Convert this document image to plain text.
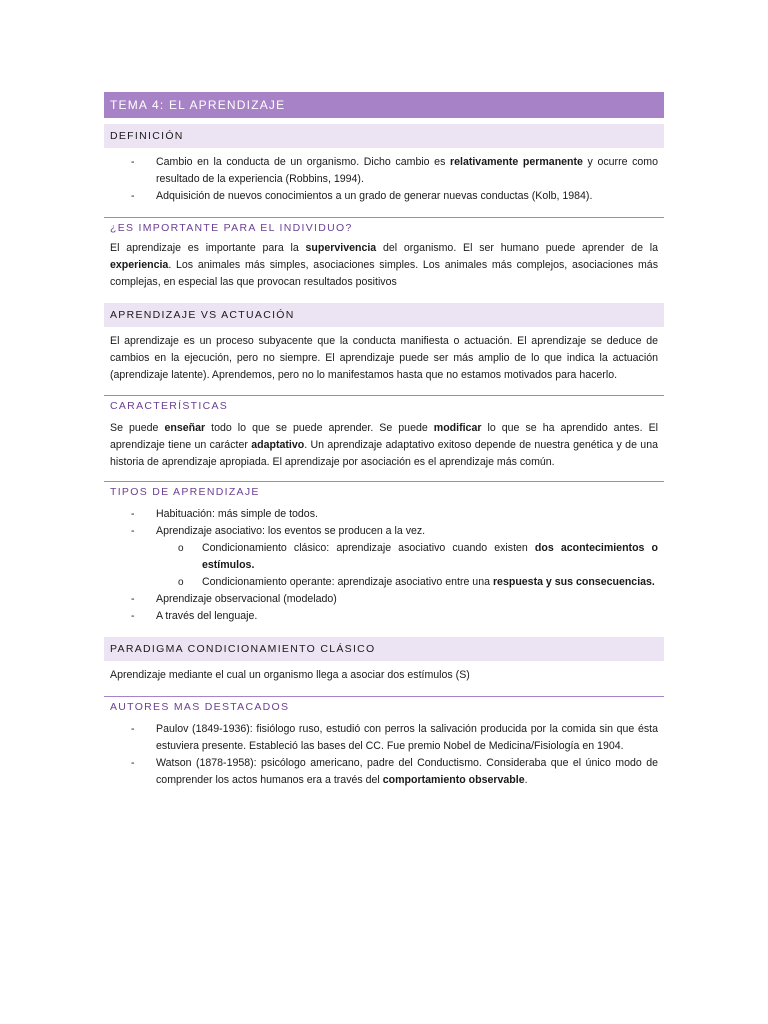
TEMA 4: EL APRENDIZAJE
DEFINICIÓN
- Cambio en la conducta de un organismo. Dicho cambio es relativamente permanente y ocurre como resultado de la experiencia (Robbins, 1994).
- Adquisición de nuevos conocimientos a un grado de generar nuevas conductas (Kolb, 1984).
¿ES IMPORTANTE PARA EL INDIVIDUO?
El aprendizaje es importante para la supervivencia del organismo. El ser humano puede aprender de la experiencia. Los animales más simples, asociaciones simples. Los animales más complejos, asociaciones más complejas, en especial las que provocan resultados positivos
APRENDIZAJE VS ACTUACIÓN
El aprendizaje es un proceso subyacente que la conducta manifiesta o actuación. El aprendizaje se deduce de cambios en la ejecución, pero no siempre. El aprendizaje puede ser más amplio de lo que indica la actuación (aprendizaje latente). Aprendemos, pero no lo manifestamos hasta que no estamos motivados para hacerlo.
CARACTERÍSTICAS
Se puede enseñar todo lo que se puede aprender. Se puede modificar lo que se ha aprendido antes. El aprendizaje tiene un carácter adaptativo. Un aprendizaje adaptativo exitoso depende de nuestra genética y de una historia de aprendizaje apropiada. El aprendizaje por asociación es el aprendizaje más común.
TIPOS DE APRENDIZAJE
- Habituación: más simple de todos.
- Aprendizaje asociativo: los eventos se producen a la vez.
o Condicionamiento clásico: aprendizaje asociativo cuando existen dos acontecimientos o estímulos.
o Condicionamiento operante: aprendizaje asociativo entre una respuesta y sus consecuencias.
- Aprendizaje observacional (modelado)
- A través del lenguaje.
PARADIGMA CONDICIONAMIENTO CLÁSICO
Aprendizaje mediante el cual un organismo llega a asociar dos estímulos (S)
AUTORES MAS DESTACADOS
- Paulov (1849-1936): fisiólogo ruso, estudió con perros la salivación producida por la comida sin que ésta estuviera presente. Estableció las bases del CC. Fue premio Nobel de Medicina/Fisiología en 1904.
- Watson (1878-1958): psicólogo americano, padre del Conductismo. Consideraba que el único modo de comprender los actos humanos era a través del comportamiento observable.
